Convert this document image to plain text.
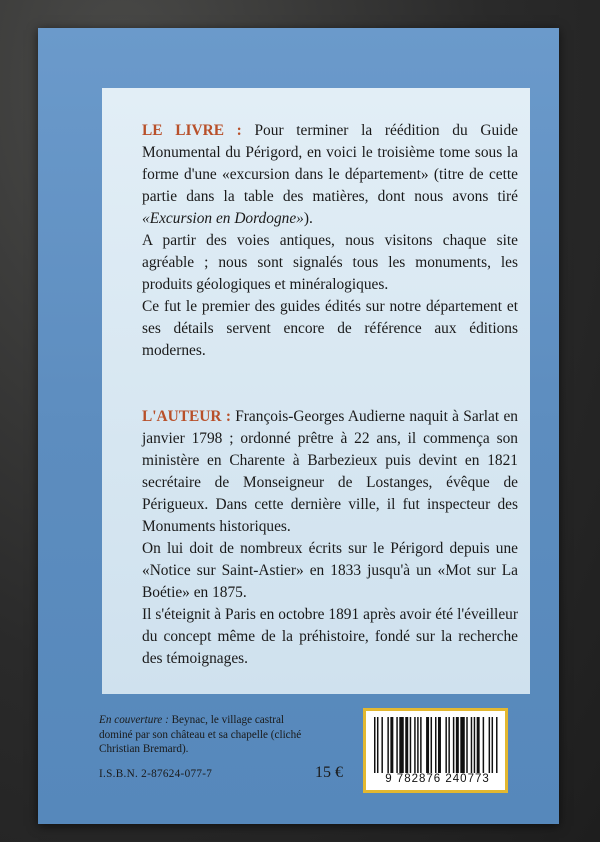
LE LIVRE : Pour terminer la réédition du Guide Monumental du Périgord, en voici le troisième tome sous la forme d'une «excursion dans le département» (titre de cette partie dans la table des matières, dont nous avons tiré «Excursion en Dordogne»).

A partir des voies antiques, nous visitons chaque site agréable ; nous sont signalés tous les monuments, les produits géologiques et minéralogiques.

Ce fut le premier des guides édités sur notre département et ses détails servent encore de référence aux éditions modernes.

L'AUTEUR : François-Georges Audierne naquit à Sarlat en janvier 1798 ; ordonné prêtre à 22 ans, il commença son ministère en Charente à Barbezieux puis devint en 1821 secrétaire de Monseigneur de Lostanges, évêque de Périgueux. Dans cette dernière ville, il fut inspecteur des Monuments historiques.

On lui doit de nombreux écrits sur le Périgord depuis une «Notice sur Saint-Astier» en 1833 jusqu'à un «Mot sur La Boétie» en 1875.

Il s'éteignit à Paris en octobre 1891 après avoir été l'éveilleur du concept même de la préhistoire, fondé sur la recherche des témoignages.

En couverture : Beynac, le village castral dominé par son château et sa chapelle (cliché Christian Bremard).
I.S.B.N. 2-87624-077-7	15 €	9 782876 240773
